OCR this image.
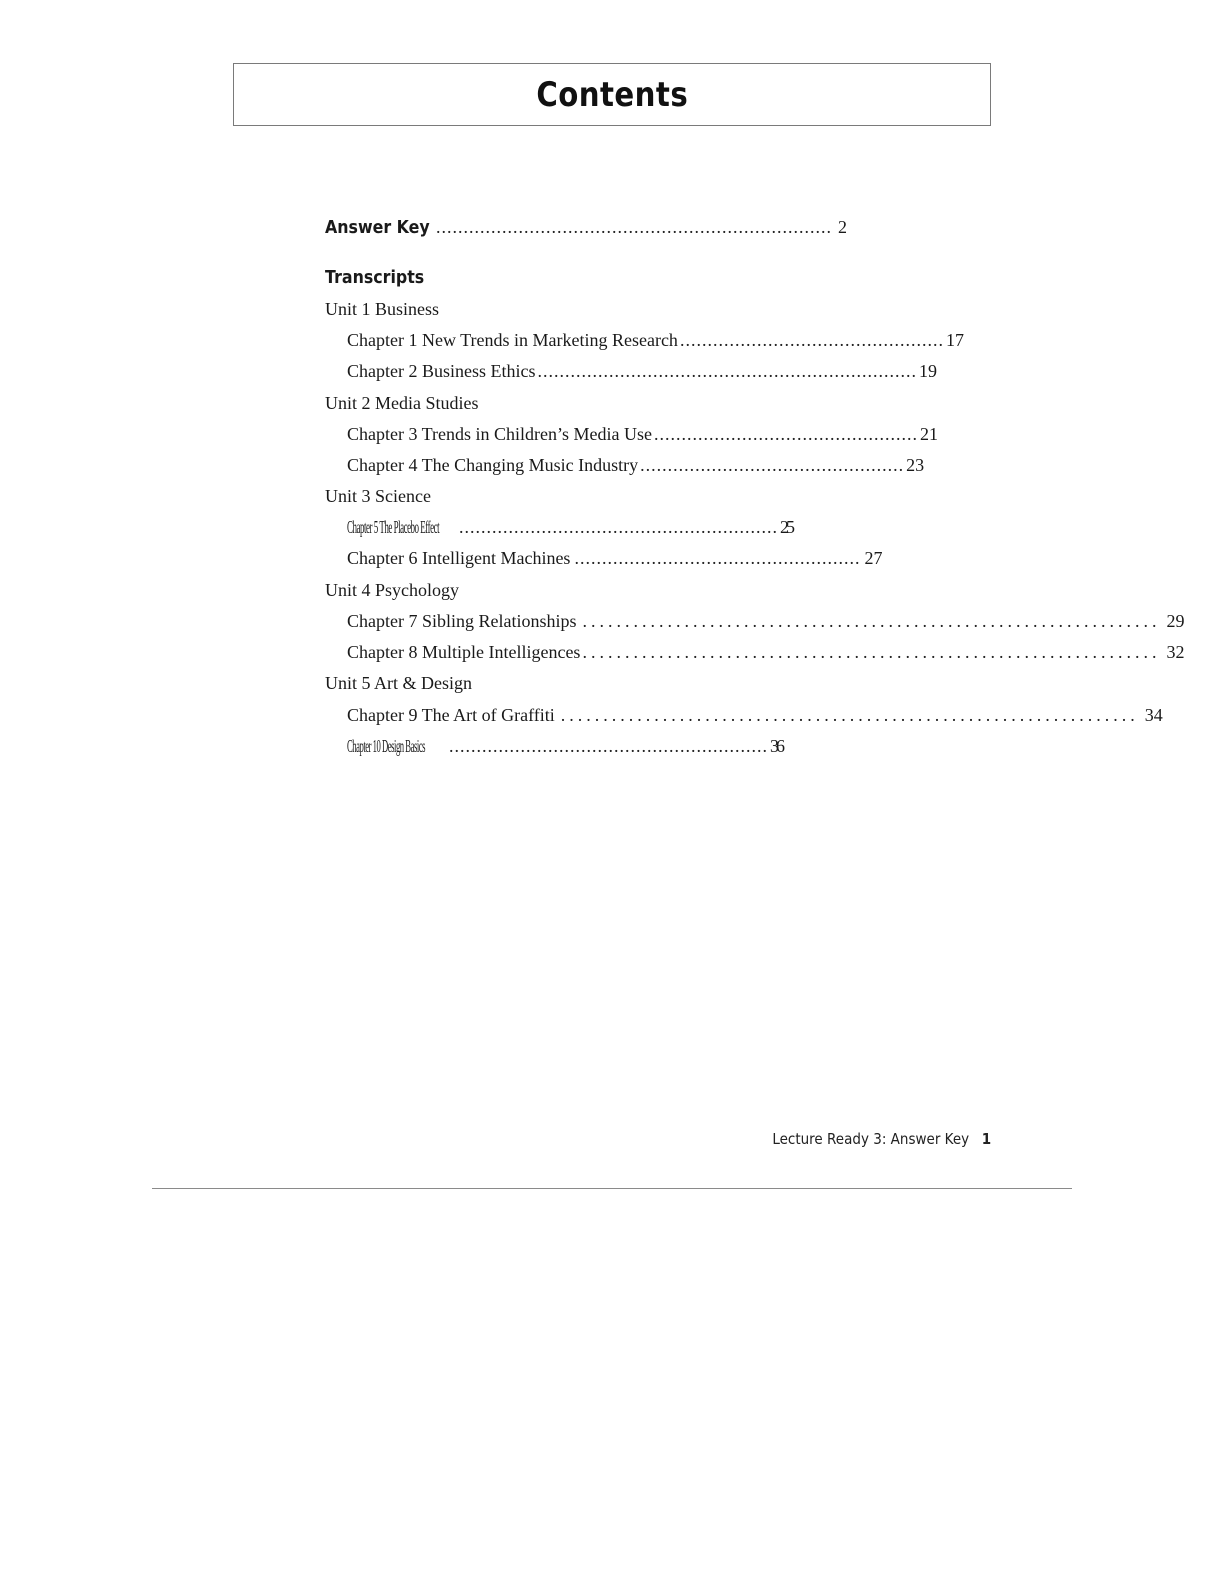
Contents
Answer Key ........................................................................ 2
Transcripts
Unit 1 Business
Chapter 1 New Trends in Marketing Research ................................................ 17
Chapter 2 Business Ethics ..................................................................... 19
Unit 2 Media Studies
Chapter 3 Trends in Children’s Media Use ................................................ 21
Chapter 4 The Changing Music Industry ................................................ 23
Unit 3 Science
Chapter 5 The Placebo Effect .......................................................... 25
Chapter 6 Intelligent Machines .................................................... 27
Unit 4 Psychology
Chapter 7 Sibling Relationships .................................................................... 29
Chapter 8 Multiple Intelligences .................................................................... 32
Unit 5 Art & Design
Chapter 9 The Art of Graffiti .................................................................... 34
Chapter 10 Design Basics .......................................................... 36
Lecture Ready 3: Answer Key 1
